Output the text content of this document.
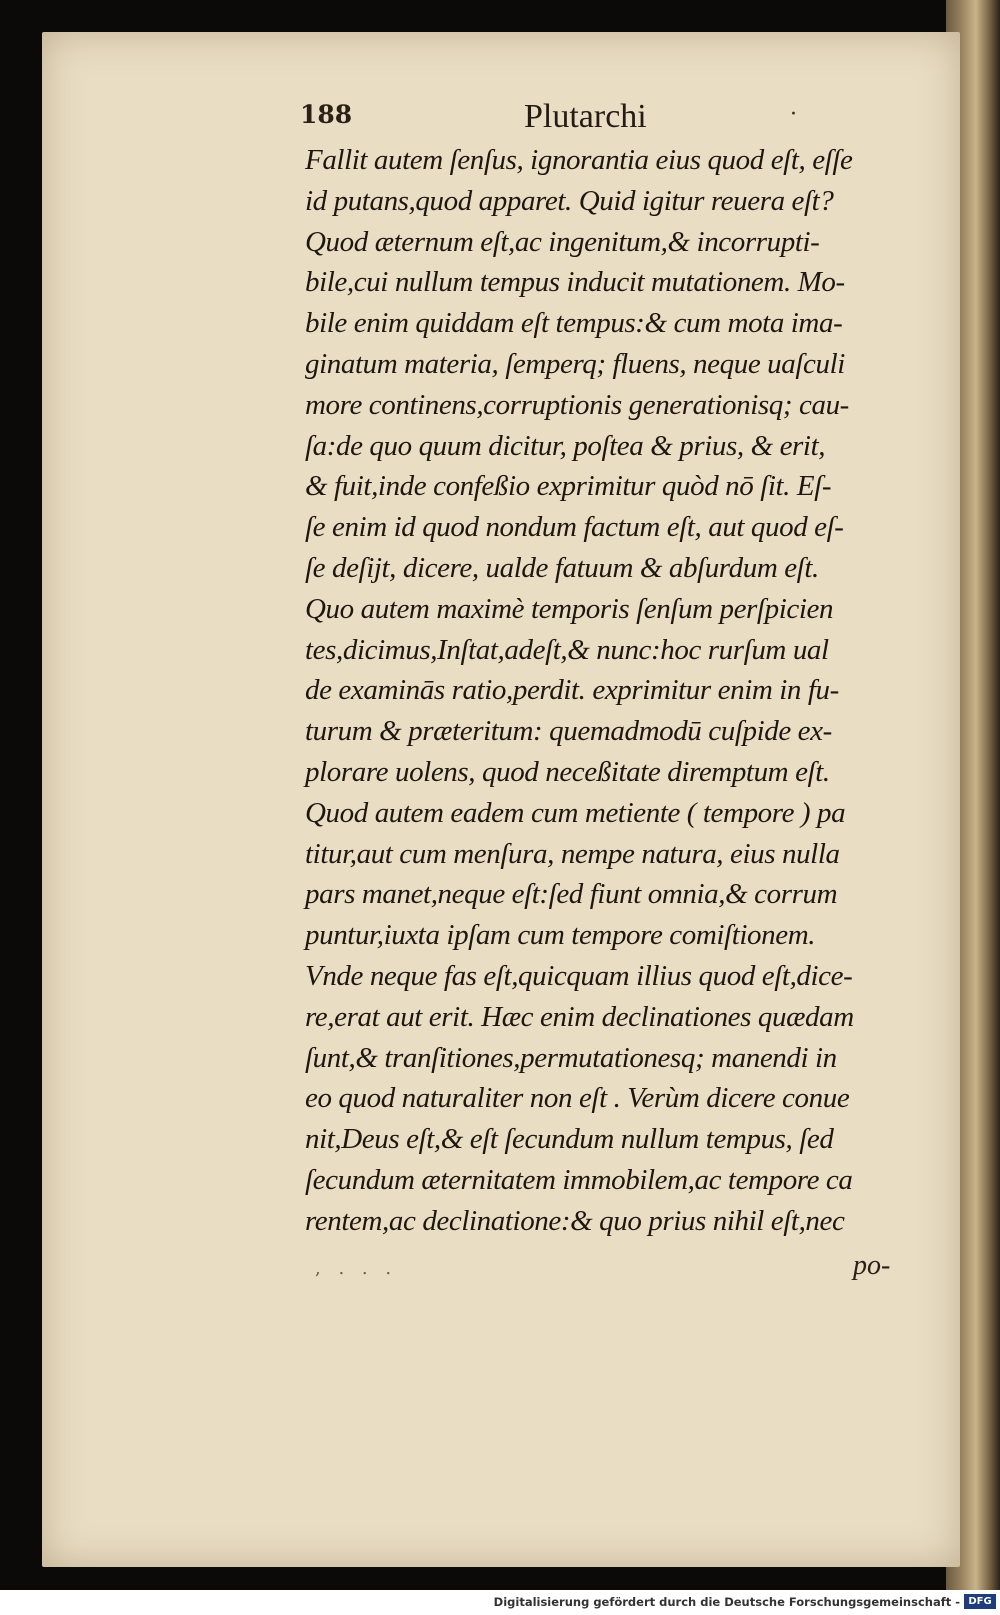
188	Plutarchi	·
Fallit autem ſenſus, ignorantia eius quod eſt, eſſe
id putans,quod apparet. Quid igitur reuera eſt?
Quod æternum eſt,ac ingenitum,& incorrupti-
bile,cui nullum tempus inducit mutationem. Mo-
bile enim quiddam eſt tempus:& cum mota ima-
ginatum materia, ſemperq; fluens, neque uaſculi
more continens,corruptionis generationisq; cau-
ſa:de quo quum dicitur, poſtea & prius, & erit,
& fuit,inde confeßio exprimitur quòd nō ſit. Eſ-
ſe enim id quod nondum factum eſt, aut quod eſ-
ſe deſijt, dicere, ualde fatuum & abſurdum eſt.
Quo autem maximè temporis ſenſum perſpicien
tes,dicimus,Inſtat,adeſt,& nunc:hoc rurſum ual
de examinās ratio,perdit. exprimitur enim in fu-
turum & præteritum: quemadmodū cuſpide ex-
plorare uolens, quod neceßitate diremptum eſt.
Quod autem eadem cum metiente ( tempore ) pa
titur,aut cum menſura, nempe natura, eius nulla
pars manet,neque eſt:ſed fiunt omnia,& corrum
puntur,iuxta ipſam cum tempore comiſtionem.
Vnde neque fas eſt,quicquam illius quod eſt,dice-
re,erat aut erit. Hæc enim declinationes quædam
ſunt,& tranſitiones,permutationesq; manendi in
eo quod naturaliter non eſt . Verùm dicere conue
nit,Deus eſt,& eſt ſecundum nullum tempus, ſed
ſecundum æternitatem immobilem,ac tempore ca
rentem,ac declinatione:& quo prius nihil eſt,nec
, . . .	po-
Digitalisierung gefördert durch die Deutsche Forschungsgemeinschaft - DFG
